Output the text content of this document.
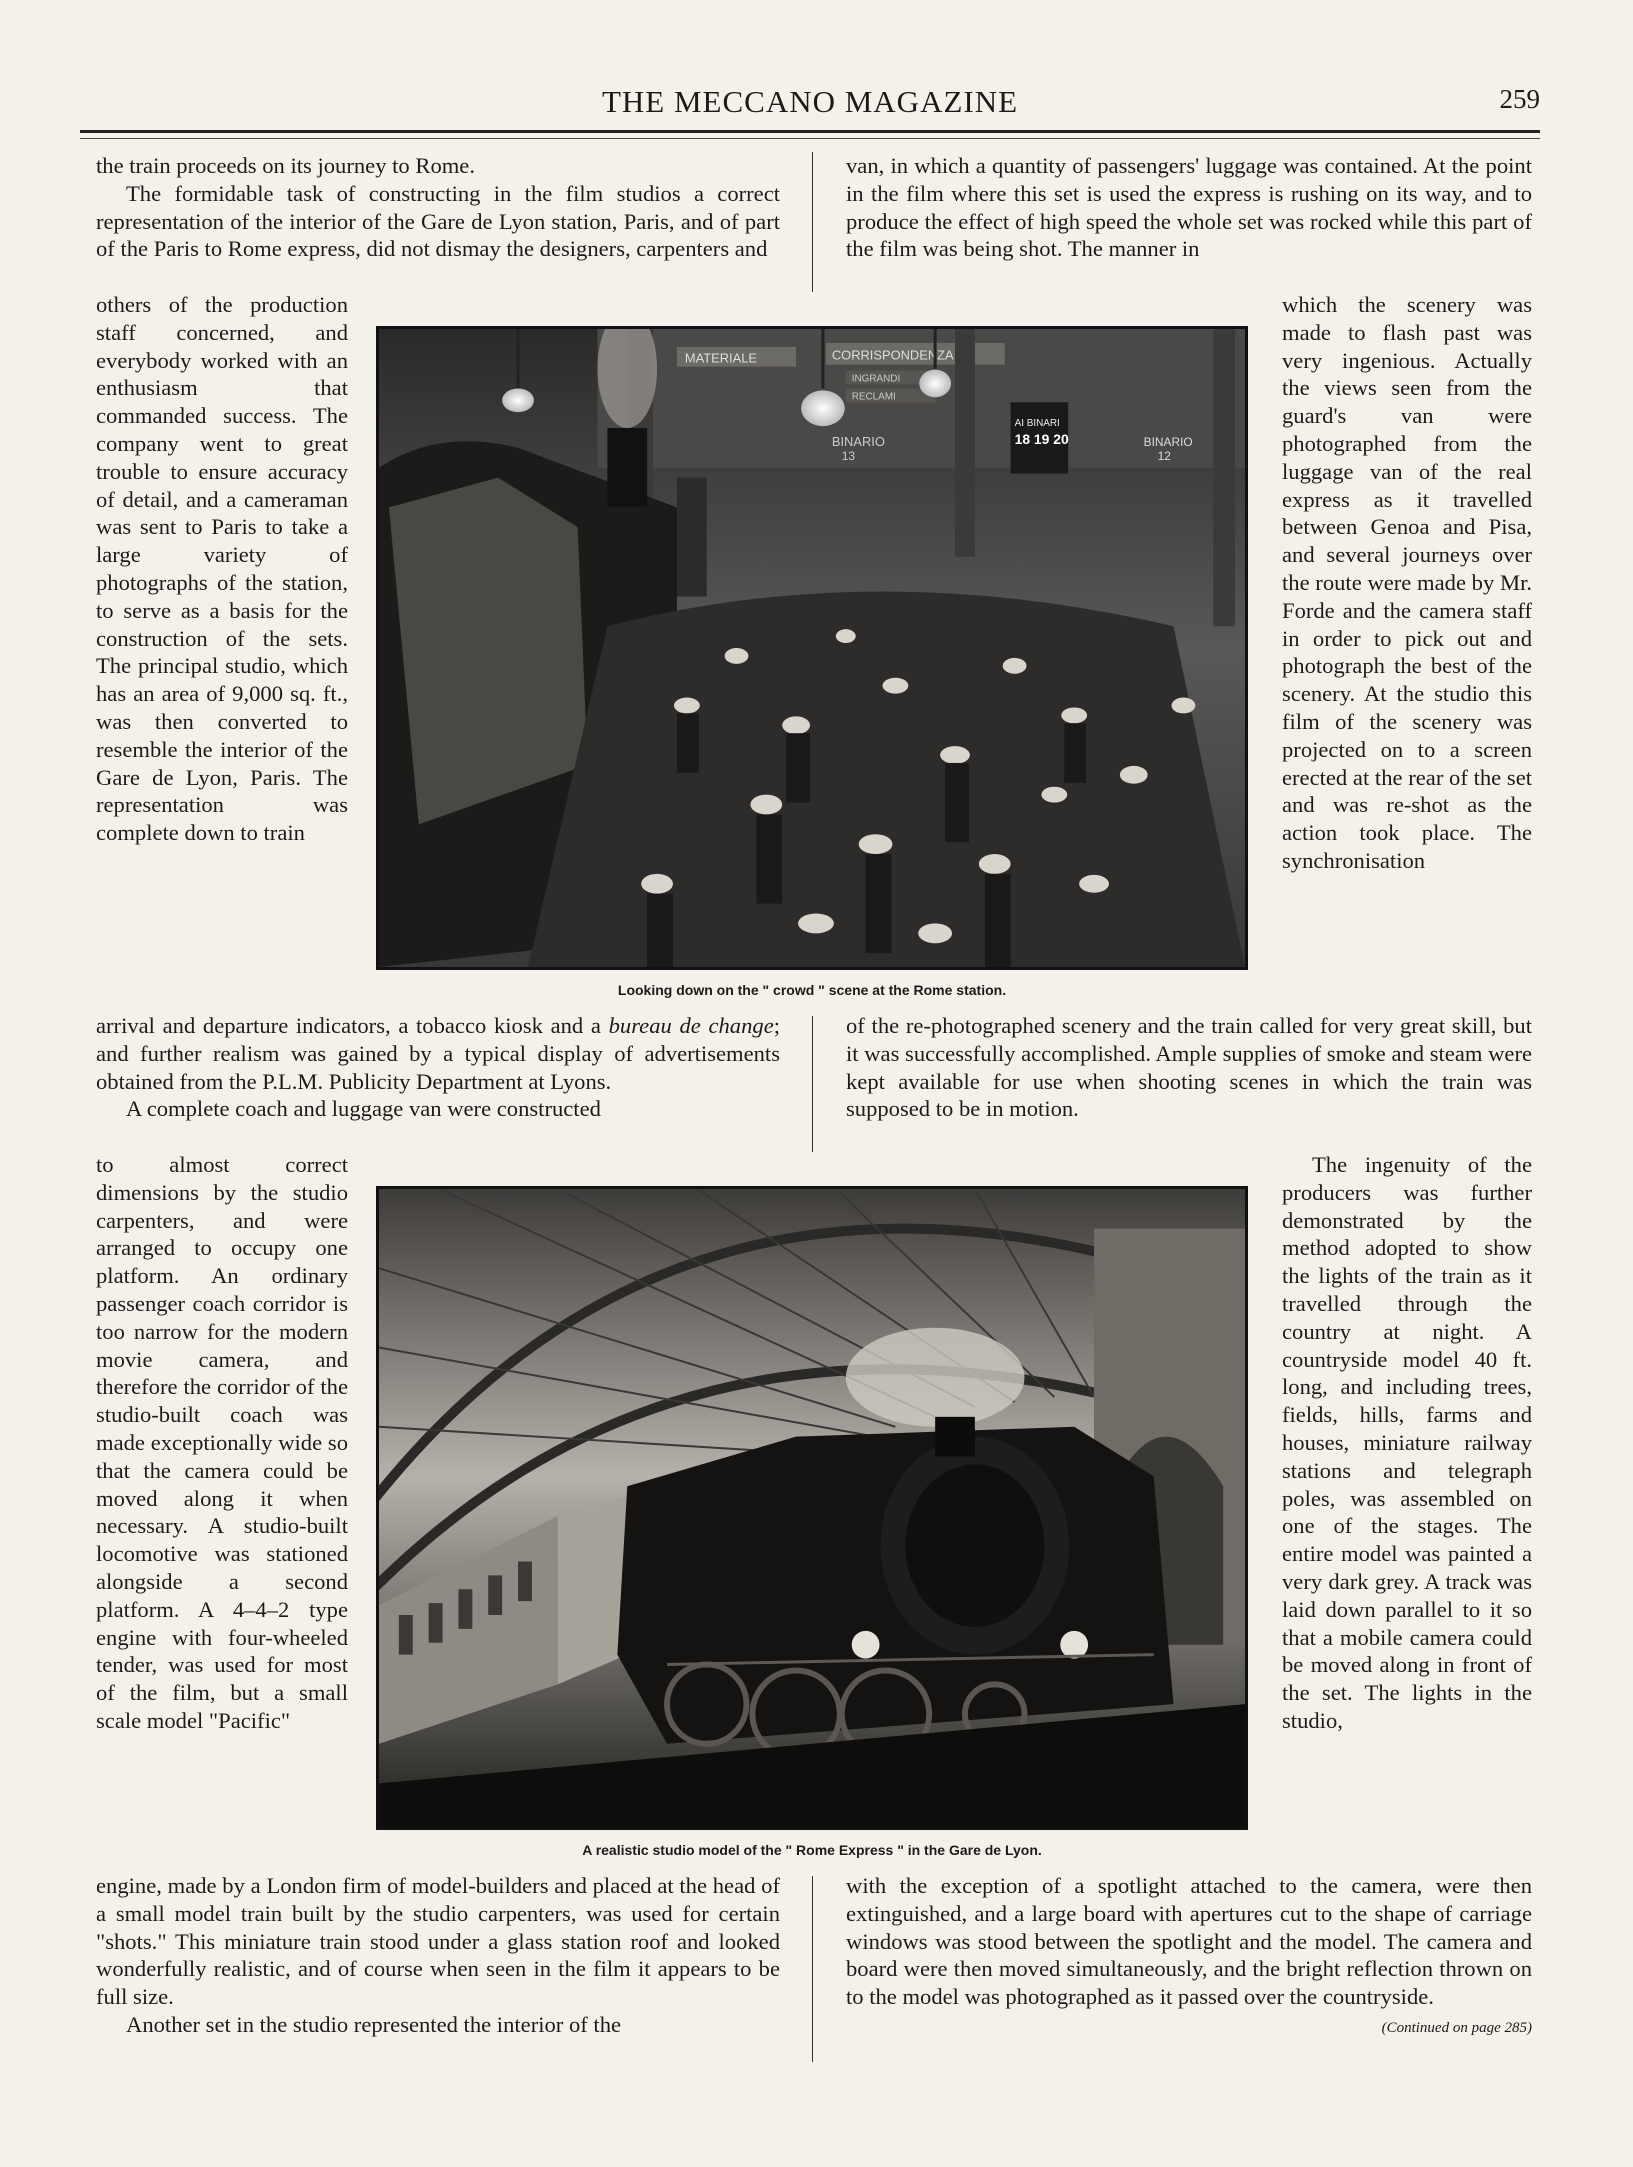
THE MECCANO MAGAZINE	259

the train proceeds on its journey to Rome.

The formidable task of constructing in the film studios a correct representation of the interior of the Gare de Lyon station, Paris, and of part of the Paris to Rome express, did not dismay the designers, carpenters and

van, in which a quantity of passengers' luggage was contained. At the point in the film where this set is used the express is rushing on its way, and to produce the effect of high speed the whole set was rocked while this part of the film was being shot. The manner in

others of the production staff concerned, and everybody worked with an enthusiasm that commanded success. The company went to great trouble to ensure accuracy of detail, and a cameraman was sent to Paris to take a large variety of photographs of the station, to serve as a basis for the construction of the sets. The principal studio, which has an area of 9,000 sq. ft., was then converted to resemble the interior of the Gare de Lyon, Paris. The representation was complete down to train

which the scenery was made to flash past was very ingenious. Actually the views seen from the guard's van were photographed from the luggage van of the real express as it travelled between Genoa and Pisa, and several journeys over the route were made by Mr. Forde and the camera staff in order to pick out and photograph the best of the scenery. At the studio this film of the scenery was projected on to a screen erected at the rear of the set and was re-shot as the action took place. The synchronisation

MATERIALE	CORRISPONDENZA
INGRANDI
RECLAMI
BINARIO
13
AI BINARI
18 19 20	BINARIO
12
Looking down on the " crowd " scene at the Rome station.

arrival and departure indicators, a tobacco kiosk and a bureau de change; and further realism was gained by a typical display of advertisements obtained from the P.L.M. Publicity Department at Lyons.

A complete coach and luggage van were constructed

of the re-photographed scenery and the train called for very great skill, but it was successfully accomplished. Ample supplies of smoke and steam were kept available for use when shooting scenes in which the train was supposed to be in motion.

to almost correct dimensions by the studio carpenters, and were arranged to occupy one platform. An ordinary passenger coach corridor is too narrow for the modern movie camera, and therefore the corridor of the studio-built coach was made exceptionally wide so that the camera could be moved along it when necessary. A studio-built locomotive was stationed alongside a second platform. A 4–4–2 type engine with four-wheeled tender, was used for most of the film, but a small scale model "Pacific"

The ingenuity of the producers was further demonstrated by the method adopted to show the lights of the train as it travelled through the country at night. A countryside model 40 ft. long, and including trees, fields, hills, farms and houses, miniature railway stations and telegraph poles, was assembled on one of the stages. The entire model was painted a very dark grey. A track was laid down parallel to it so that a mobile camera could be moved along in front of the set. The lights in the studio,

A realistic studio model of the " Rome Express " in the Gare de Lyon.

engine, made by a London firm of model-builders and placed at the head of a small model train built by the studio carpenters, was used for certain "shots." This miniature train stood under a glass station roof and looked wonderfully realistic, and of course when seen in the film it appears to be full size.

Another set in the studio represented the interior of the

with the exception of a spotlight attached to the camera, were then extinguished, and a large board with apertures cut to the shape of carriage windows was stood between the spotlight and the model. The camera and board were then moved simultaneously, and the bright reflection thrown on to the model was photographed as it passed over the countryside.
(Continued on page 285)
